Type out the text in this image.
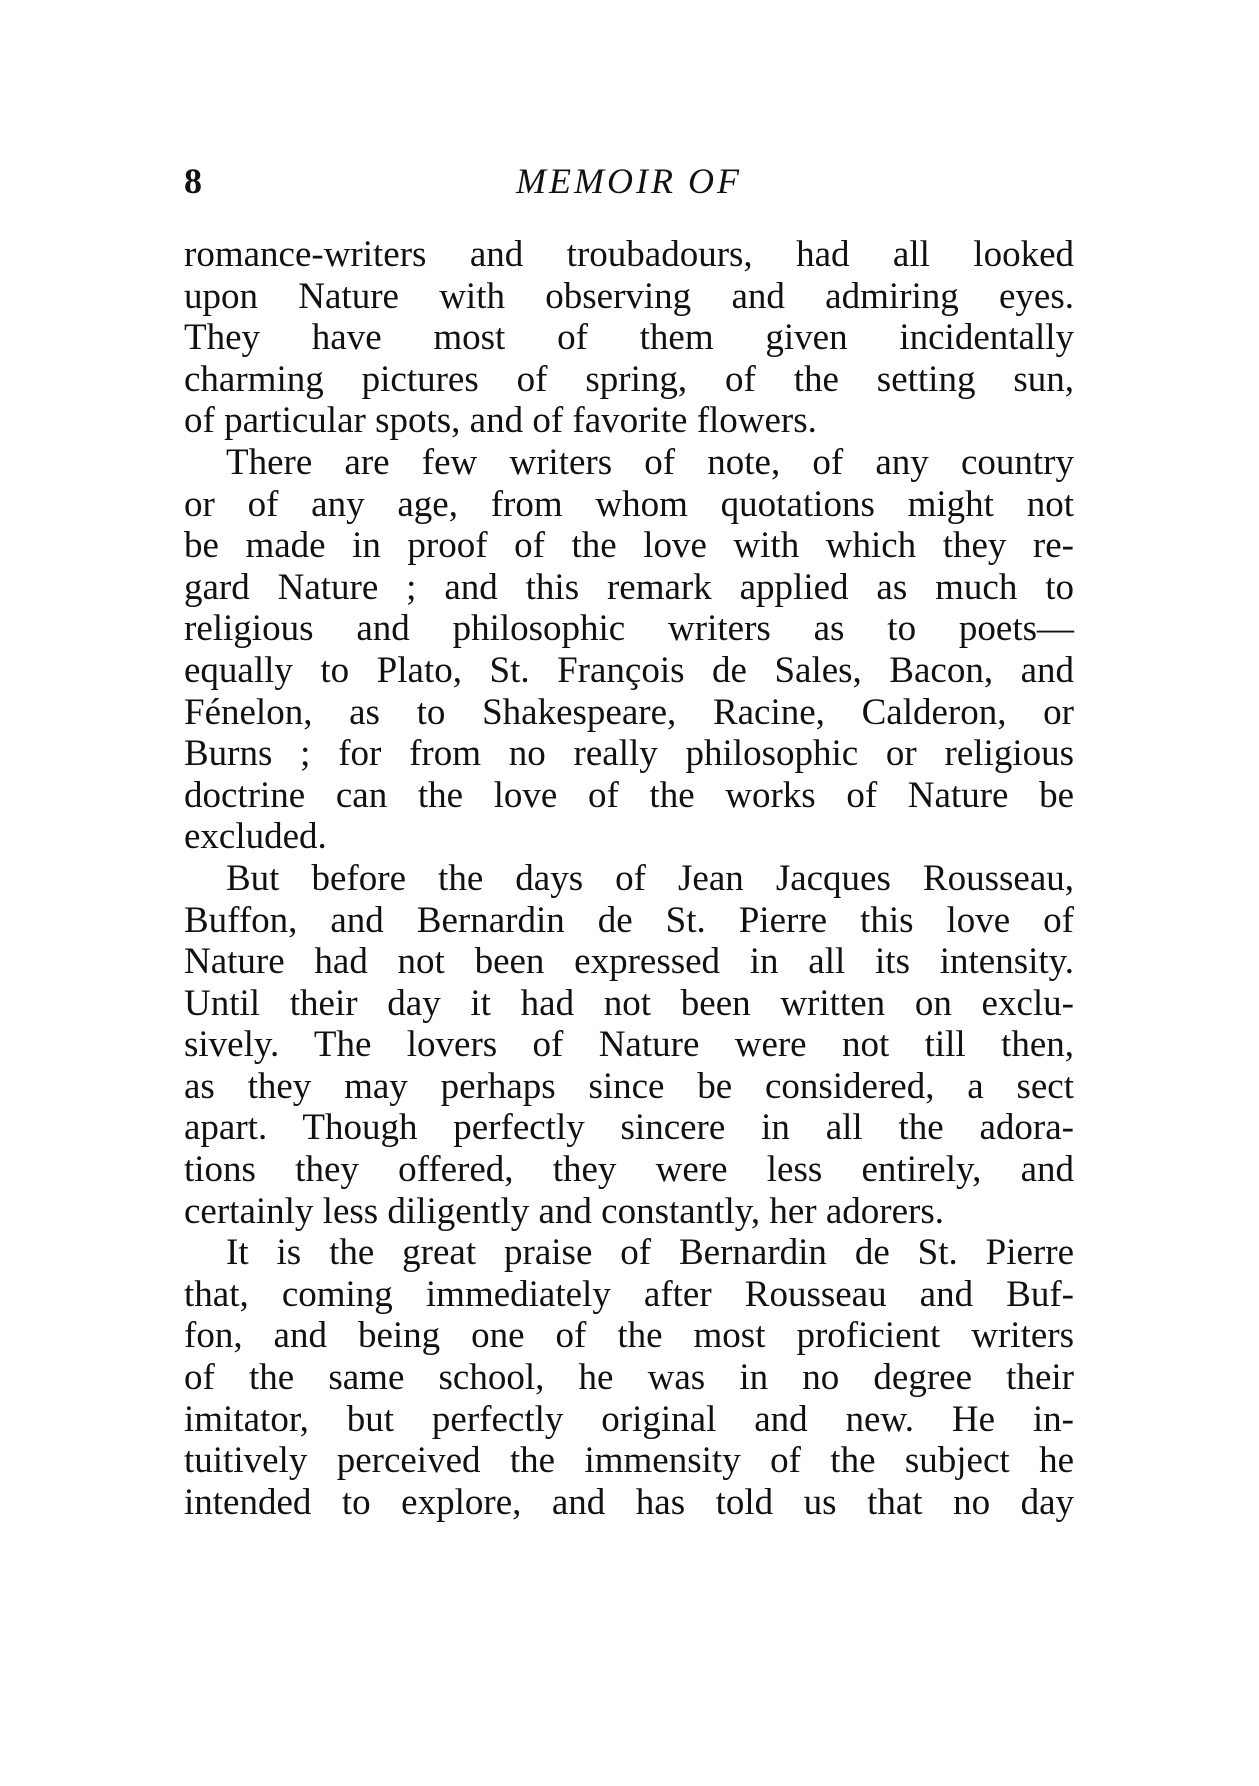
8	MEMOIR OF
romance-writers and troubadours, had all looked
upon Nature with observing and admiring eyes.
They have most of them given incidentally
charming pictures of spring, of the setting sun,
of particular spots, and of favorite flowers.
There are few writers of note, of any country
or of any age, from whom quotations might not
be made in proof of the love with which they re-
gard Nature ; and this remark applied as much to
religious and philosophic writers as to poets—
equally to Plato, St. François de Sales, Bacon, and
Fénelon, as to Shakespeare, Racine, Calderon, or
Burns ; for from no really philosophic or religious
doctrine can the love of the works of Nature be
excluded.
But before the days of Jean Jacques Rousseau,
Buffon, and Bernardin de St. Pierre this love of
Nature had not been expressed in all its intensity.
Until their day it had not been written on exclu-
sively. The lovers of Nature were not till then,
as they may perhaps since be considered, a sect
apart. Though perfectly sincere in all the adora-
tions they offered, they were less entirely, and
certainly less diligently and constantly, her adorers.
It is the great praise of Bernardin de St. Pierre
that, coming immediately after Rousseau and Buf-
fon, and being one of the most proficient writers
of the same school, he was in no degree their
imitator, but perfectly original and new. He in-
tuitively perceived the immensity of the subject he
intended to explore, and has told us that no day
